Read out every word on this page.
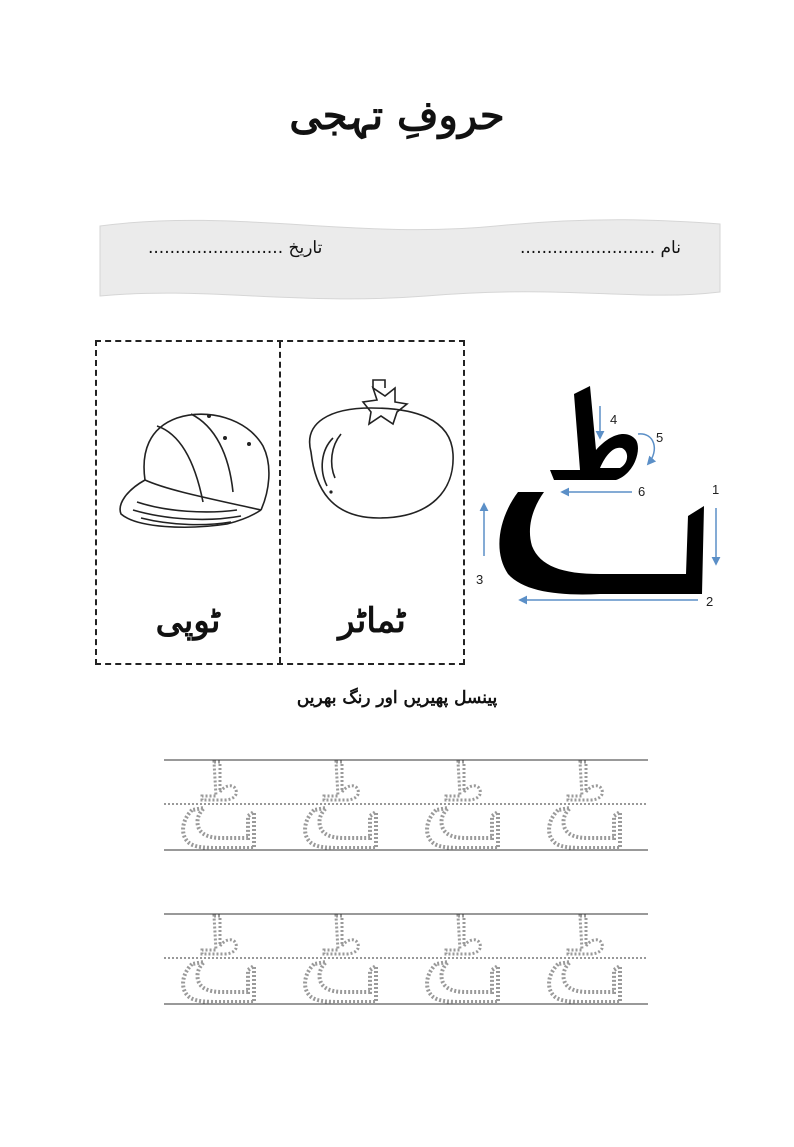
حروفِ تہجی
نام .........................
تاریخ .........................
ٹوپی	ٹماٹر
1
2
3
4
5
6
پینسل پھیریں اور رنگ بھریں
